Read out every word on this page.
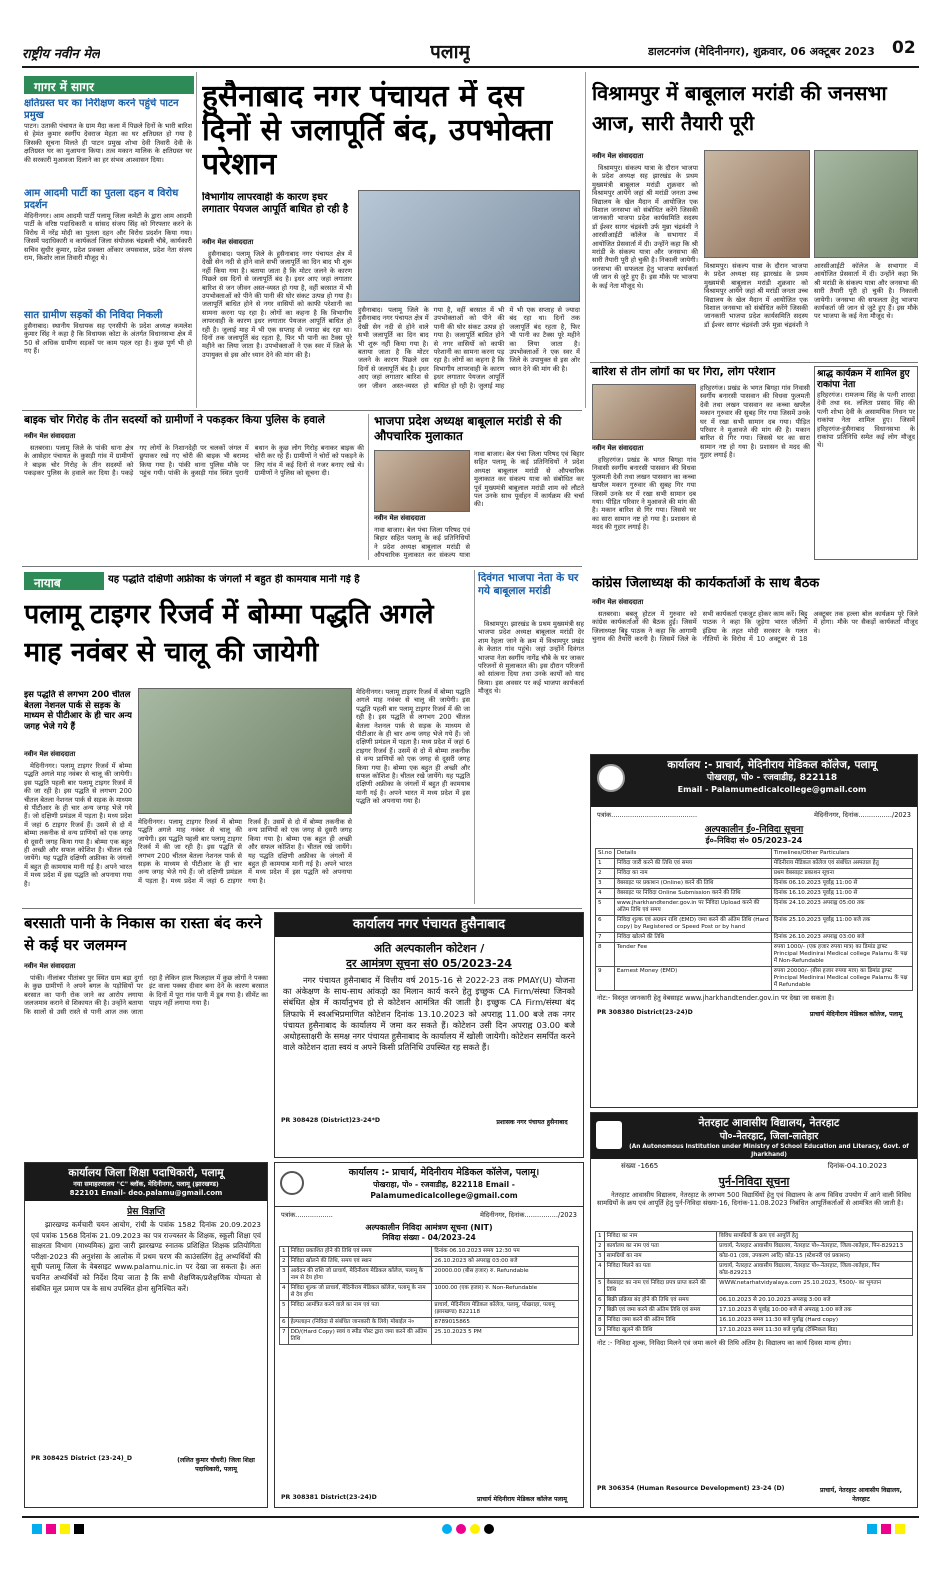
राष्ट्रीय नवीन मेल	पलामू	डालटनगंज (मेदिनीनगर), शुक्रवार, 06 अक्टूबर 2023 02
गागर में सागर
क्षतिग्रस्त घर का निरीक्षण करने पहुंचे पाटन प्रमुख
पाटन। उताकी पंचायत के ग्राम मैदा कला में पिछले दिनों के भारी बारिश से हेमंत कुमार स्वर्गीय देवराज मेहता का घर क्षतिग्रस्त हो गया है जिसकी सूचना मिलते ही पाटन प्रमुख शोभा देवी तिवारी देवी के क्षतिग्रस्त घर का मुआयना किया। तत्व मकान मालिक के क्षतिग्रस्त घर की सरकारी मुआवजा दिलाने का हर संभव आश्वासन दिया।
आम आदमी पार्टी का पुतला दहन व विरोध प्रदर्शन
मेदिनीनगर। आम आदमी पार्टी पलामू जिला कमेटी के द्वारा आम आदमी पार्टी के वरिष्ठ पदाधिकारी व सांसद संजय सिंह को गिरफ्तार करने के विरोध में नरेंद्र मोदी का पुतला दहन और विरोध प्रदर्शन किया गया। जिसमें पदाधिकारी व कार्यकर्ता जिला संयोजक चंद्रबली चौबे, कार्यकारी सचिव सुधीर कुमार, प्रदेश प्रवक्ता ओंकार जयसवाल, प्रदेश नेता संजय राम, किशोर लाल तिवारी मौजूद थे।
सात ग्रामीण सड़कों की निविदा निकली
हुसैनाबाद। स्थानीय विधायक सह एनसीपी के प्रदेश अध्यक्ष कमलेश कुमार सिंह ने कहा है कि विधायक कोटा के अंतर्गत विधानसभा क्षेत्र में 50 से अधिक ग्रामीण सड़कों पर काम पहल रहा है। कुछ पूर्ण भी हो गए हैं।
हुसैनाबाद नगर पंचायत में दस दिनों से जलापूर्ति बंद, उपभोक्ता परेशान
विभागीय लापरवाही के कारण इधर लगातार पेयजल आपूर्ति बाधित हो रही है
नवीन मेल संवाददाता
हुसैनाबाद। पलामू जिले के हुसैनाबाद नगर पंचायत क्षेत्र में देखी सेन नदी से होने वाले सभी जलापूर्ति का दिन बाद भी शुरू नहीं किया गया है। बताया जाता है कि मोटर जलने के कारण पिछले दस दिनों से जलापूर्ति बंद है। इधर आए जहां लगातार बारिश से जन जीवन अस्त-व्यस्त हो गया है, वहीं बरसात में भी उपभोक्ताओं को पीने की पानी की घोर संकट उत्पन्न हो गया है। जलापूर्ति बाधित होने से नगर वासियों को काफी परेशानी का सामना करना पड़ रहा है। लोगों का कहना है कि विभागीय लापरवाही के कारण इधर लगातार पेयजल आपूर्ति बाधित हो रही है। जुलाई माह में भी एक सप्ताह से ज्यादा बंद रहा था। दिनों तक जलापूर्ति बंद रहता है, फिर भी पानी का टैक्स पूरे महीने का लिया जाता है। उपभोक्ताओं ने एक स्वर में जिले के उपायुक्त से इस ओर ध्यान देने की मांग की है।
हुसैनाबाद। पलामू जिले के हुसैनाबाद नगर पंचायत क्षेत्र में देखी सेन नदी से होने वाले सभी जलापूर्ति का दिन बाद भी शुरू नहीं किया गया है। बताया जाता है कि मोटर जलने के कारण पिछले दस दिनों से जलापूर्ति बंद है। इधर आए जहां लगातार बारिश से जन जीवन अस्त-व्यस्त हो गया है, वहीं बरसात में भी उपभोक्ताओं को पीने की पानी की घोर संकट उत्पन्न हो गया है। जलापूर्ति बाधित होने से नगर वासियों को काफी परेशानी का सामना करना पड़ रहा है। लोगों का कहना है कि विभागीय लापरवाही के कारण इधर लगातार पेयजल आपूर्ति बाधित हो रही है। जुलाई माह में भी एक सप्ताह से ज्यादा बंद रहा था। दिनों तक जलापूर्ति बंद रहता है, फिर भी पानी का टैक्स पूरे महीने का लिया जाता है। उपभोक्ताओं ने एक स्वर में जिले के उपायुक्त से इस ओर ध्यान देने की मांग की है।
विश्रामपुर में बाबूलाल मरांडी की जनसभा आज, सारी तैयारी पूरी
नवीन मेल संवाददाता
विश्रामपुर। संकल्प यात्रा के दौरान भाजपा के प्रदेश अध्यक्ष सह झारखंड के प्रथम मुख्यमंत्री बाबूलाल मरांडी शुक्रवार को विश्रामपुर आयेंगे जहां श्री मरांडी जनता उच्च विद्यालय के खेल मैदान में आयोजित एक विशाल जनसभा को संबोधित करेंगे जिसकी जानकारी भाजपा प्रदेश कार्यसमिति सदस्य डॉ ईश्वर सागर चंद्रवंशी उर्फ मुन्ना चंद्रवंशी ने आरसीआईटी कॉलेज के सभागार में आयोजित प्रेसवार्ता में दी। उन्होंने कहा कि श्री मरांडी के संकल्प यात्रा और जनसभा की सारी तैयारी पूरी हो चुकी है। निकाली जायेगी। जनसभा की सफलता हेतु भाजपा कार्यकर्ता जी जान से जुटे हुए हैं। इस मौके पर भाजपा के कई नेता मौजूद थे।
विश्रामपुर। संकल्प यात्रा के दौरान भाजपा के प्रदेश अध्यक्ष सह झारखंड के प्रथम मुख्यमंत्री बाबूलाल मरांडी शुक्रवार को विश्रामपुर आयेंगे जहां श्री मरांडी जनता उच्च विद्यालय के खेल मैदान में आयोजित एक विशाल जनसभा को संबोधित करेंगे जिसकी जानकारी भाजपा प्रदेश कार्यसमिति सदस्य डॉ ईश्वर सागर चंद्रवंशी उर्फ मुन्ना चंद्रवंशी ने आरसीआईटी कॉलेज के सभागार में आयोजित प्रेसवार्ता में दी। उन्होंने कहा कि श्री मरांडी के संकल्प यात्रा और जनसभा की सारी तैयारी पूरी हो चुकी है। निकाली जायेगी। जनसभा की सफलता हेतु भाजपा कार्यकर्ता जी जान से जुटे हुए हैं। इस मौके पर भाजपा के कई नेता मौजूद थे।
बारिश से तीन लोगों का घर गिरा, लोग परेशान
नवीन मेल संवाददाता
हरिहरगंज। प्रखंड के भगत बिगहा गांव निवासी स्वर्गीय बनारसी पासवान की विधवा फुलमती देवी तथा लखन पासवान का कच्चा खपरैल मकान गुरुवार की सुबह गिर गया जिसमें उनके घर में रखा सभी सामान दब गया। पीड़ित परिवार ने मुआवजे की मांग की है। मकान बारिश से गिर गया। जिससे घर का सारा सामान नष्ट हो गया है। प्रशासन से मदद की गुहार लगाई है।
हरिहरगंज। प्रखंड के भगत बिगहा गांव निवासी स्वर्गीय बनारसी पासवान की विधवा फुलमती देवी तथा लखन पासवान का कच्चा खपरैल मकान गुरुवार की सुबह गिर गया जिसमें उनके घर में रखा सभी सामान दब गया। पीड़ित परिवार ने मुआवजे की मांग की है। मकान बारिश से गिर गया। जिससे घर का सारा सामान नष्ट हो गया है। प्रशासन से मदद की गुहार लगाई है।
श्राद्ध कार्यक्रम में शामिल हुए राकांपा नेता
हरिहरगंज। रामजन्म सिंह के पत्नी शारदा देवी तथा स्व. ललिता प्रसाद सिंह की पत्नी शोभा देवी के असामयिक निधन पर राकांपा नेता शामिल हुए। जिसमें हरिहरगंज-हुसैनाबाद विधानसभा के राकांपा प्रतिनिधि समेत कई लोग मौजूद थे।
बाइक चोर गिरोह के तीन सदस्यों को ग्रामीणों ने पकड़कर किया पुलिस के हवाले
नवीन मेल संवाददाता
सतबरवा। पलामू जिले के पांकी थाना क्षेत्र के आसेहार पंचायत के कुसड़ी गांव में ग्रामीणों ने बाइक चोर गिरोह के तीन सदस्यों को पकड़कर पुलिस के हवाले कर दिया है। पकड़े गए लोगों के निशानदेही पर चलकों जंगल में छुपाकर रखे गए चोरी की बाइक भी बरामद किया गया है। पांकी थाना पुलिस मौके पर पहुंच गयी। पांकी के कुसड़ी गांव स्थित पुरानी बथान के कुछ लोग गिरोह बनाकर बाइक की चोरी कर रहे हैं। ग्रामीणों ने चोरों को पकड़ने के लिए गांव में कई दिनों से नजर बनाए रखे थे। ग्रामीणों ने पुलिस को सूचना दी।
भाजपा प्रदेश अध्यक्ष बाबूलाल मरांडी से की औपचारिक मुलाकात
नवीन मेल संवाददाता
नावा बाजार। बेल पंचा जिला परिषद एवं बिहार सहित पलामू के कई प्रतिनिधियों ने प्रदेश अध्यक्ष बाबूलाल मरांडी से औपचारिक मुलाकात कर संकल्प यात्रा
नावा बाजार। बेल पंचा जिला परिषद एवं बिहार सहित पलामू के कई प्रतिनिधियों ने प्रदेश अध्यक्ष बाबूलाल मरांडी से औपचारिक मुलाकात कर संकल्प यात्रा को संबोधित कर पूर्व मुख्यमंत्री बाबूलाल मरांडी शाम को लौटते पल उनके साथ पूर्वाहन में कार्यक्रम की चर्चा की।
नायाब	यह पद्धति दक्षिणी अफ्रीका के जंगलों में बहुत ही कामयाब मानी गई है
पलामू टाइगर रिजर्व में बोम्मा पद्धति अगले माह नवंबर से चालू की जायेगी
इस पद्धति से लगभग 200 चीतल बेतला नेशनल पार्क से सड़क के माध्यम से पीटीआर के ही चार अन्य जगह भेजे गये हैं
नवीन मेल संवाददाता
मेदिनीनगर। पलामू टाइगर रिजर्व में बोम्मा पद्धति अगले माह नवंबर से चालू की जायेगी। इस पद्धति पहली बार पलामू टाइगर रिजर्व में की जा रही है। इस पद्धति से लगभग 200 चीतल बेतला नेशनल पार्क से सड़क के माध्यम से पीटीआर के ही चार अन्य जगह भेजे गये हैं। जो दक्षिणी प्रमंडल में पड़ता है। मध्य प्रदेश में जहां 6 टाइगर रिजर्व हैं। उसमें से दो में बोम्मा तकनीक से वन्य प्राणियों को एक जगह से दूसरी जगह किया गया है। बोम्मा एक बहुत ही अच्छी और सफल कोशिश है। चीतल रखे जायेंगे। यह पद्धति दक्षिणी अफ्रीका के जंगलों में बहुत ही कामयाब मानी गई है। अपने भारत में मध्य प्रदेश में इस पद्धति को अपनाया गया है।
मेदिनीनगर। पलामू टाइगर रिजर्व में बोम्मा पद्धति अगले माह नवंबर से चालू की जायेगी। इस पद्धति पहली बार पलामू टाइगर रिजर्व में की जा रही है। इस पद्धति से लगभग 200 चीतल बेतला नेशनल पार्क से सड़क के माध्यम से पीटीआर के ही चार अन्य जगह भेजे गये हैं। जो दक्षिणी प्रमंडल में पड़ता है। मध्य प्रदेश में जहां 6 टाइगर रिजर्व हैं। उसमें से दो में बोम्मा तकनीक से वन्य प्राणियों को एक जगह से दूसरी जगह किया गया है। बोम्मा एक बहुत ही अच्छी और सफल कोशिश है। चीतल रखे जायेंगे। यह पद्धति दक्षिणी अफ्रीका के जंगलों में बहुत ही कामयाब मानी गई है। अपने भारत में मध्य प्रदेश में इस पद्धति को अपनाया गया है।
मेदिनीनगर। पलामू टाइगर रिजर्व में बोम्मा पद्धति अगले माह नवंबर से चालू की जायेगी। इस पद्धति पहली बार पलामू टाइगर रिजर्व में की जा रही है। इस पद्धति से लगभग 200 चीतल बेतला नेशनल पार्क से सड़क के माध्यम से पीटीआर के ही चार अन्य जगह भेजे गये हैं। जो दक्षिणी प्रमंडल में पड़ता है। मध्य प्रदेश में जहां 6 टाइगर रिजर्व हैं। उसमें से दो में बोम्मा तकनीक से वन्य प्राणियों को एक जगह से दूसरी जगह किया गया है। बोम्मा एक बहुत ही अच्छी और सफल कोशिश है। चीतल रखे जायेंगे। यह पद्धति दक्षिणी अफ्रीका के जंगलों में बहुत ही कामयाब मानी गई है। अपने भारत में मध्य प्रदेश में इस पद्धति को अपनाया गया है।
दिवंगत भाजपा नेता के घर गये बाबूलाल मरांडी
विश्रामपुर। झारखंड के प्रथम मुख्यमंत्री सह भाजपा प्रदेश अध्यक्ष बाबूलाल मरांडी देर शाम रेहला जाने के क्रम में विश्रामपुर प्रखंड के केतात गांव पहुंचे। जहां उन्होंने दिवंगत भाजपा नेता स्वर्गीय नागेंद्र चौबे के घर जाकर परिजनों से मुलाकात की। इस दौरान परिजनों को सांत्वना दिया तथा उनके कार्यों को याद किया। इस अवसर पर कई भाजपा कार्यकर्ता मौजूद थे।
कांग्रेस जिलाध्यक्ष की कार्यकर्ताओं के साथ बैठक
नवीन मेल संवाददाता
सतबरवा। बबलू होटल में गुरुवार को कांग्रेस कार्यकर्ताओं की बैठक हुई। जिसमें जिलाध्यक्ष बिट्टू पाठक ने कहा कि आगामी चुनाव की तैयारी करनी है। जिसमें जिले के सभी कार्यकर्ता एकजुट होकर काम करें। बिट्टू पाठक ने कहा कि जुड़ेगा भारत जीतेगा इंडिया के तहत मोदी सरकार के गलत नीतियों के विरोध में 10 अक्टूबर से 18 अक्टूबर तक हल्ला बोल कार्यक्रम पूरे जिले में होगा। मौके पर सैकड़ों कार्यकर्ता मौजूद थे।
कार्यालय :- प्राचार्य, मेदिनीराय मेडिकल कॉलेज, पलामू
पोखराहा, पो० - रजवाडीह, 822118
Email - Palamumedicalcollege@gmail.com
पत्रांक.........................................	मेदिनीनगर, दिनांक................/2023
अल्पकालीन ई०-निविदा सूचना
ई०-निविदा सं० 05/2023-24
Sl.no	Details	Timelines/Other Particulars
1	निविदा जारी करने की तिथि एवं समय	मेदिनीराय मेडिकल कॉलेज एवं संबंधित अस्पताल हेतु
2	निविदा का नाम	प्रथम वेबसाइट प्रकाशन सूचना
3	वेबसाइट पर प्रकाशन (Online) करने की तिथि	दिनांक 06.10.2023 पूर्वाह्न 11:00 से
4	वेबसाइट पर निविदा Online Submission करने की तिथि	दिनांक 16.10.2023 पूर्वाह्न 11:00 से
5	www.jharkhandtender.gov.in पर निविदा Upload करने की अंतिम तिथि एवं समय	दिनांक 24.10.2023 अपराह्न 05:00 तक
6	निविदा शुल्क एवं अग्रधन राशि (EMD) जमा करने की अंतिम तिथि (Hard copy) by Registered or Speed Post or by hand	दिनांक 25.10.2023 पूर्वाह्न 11:00 बजे तक
7	निविदा खोलने की तिथि	दिनांक 26.10.2023 अपराह्न 03:00 बजे
8	Tender Fee	रुपया 1000/- (एक हजार रुपया मात्र) का डिमांड ड्राफ्ट Principal Medinirai Medical college Palamu के पक्ष में Non-Refundable
9	Earnest Money (EMD)	रुपया 20000/- (बीस हजार रुपया मात्र) का डिमांड ड्राफ्ट Principal Medinirai Medical college Palamu के पक्ष में Refundable
नोट:- विस्तृत जानकारी हेतु वेबसाइट www.jharkhandtender.gov.in पर देखा जा सकता है।
PR 308380 District(23-24)D	प्राचार्य मेदिनीराय मेडिकल कॉलेज, पलामू
बरसाती पानी के निकास का रास्ता बंद करने से कई घर जलमग्न
नवीन मेल संवाददाता
पांकी। नीलांबर पीतांबर पुर स्थित ग्राम बड़ा दुर्गा के कुछ ग्रामीणों ने अपने बगल के पड़ोसियों पर बरसात का पानी रोक जाने का आरोप लगाया जलजमाव कराने से शिकायत की है। उन्होंने बताया कि सालों से उसी रास्ते से पानी आज तक जाता रहा है लेकिन हाल फिलहाल में कुछ लोगों ने पक्का इंट वाला पक्का दीवार बना देने के कारण बरसात के दिनों में पूरा गांव पानी में डूब गया है। सीमेंट का पाइप नहीं लगाया गया है।
कार्यालय नगर पंचायत हुसैनाबाद
अति अल्पकालीन कोटेशन /
दर आमंत्रण सूचना सं0 05/2023-24
नगर पंचायत हुसैनाबाद में वित्तीय वर्ष 2015-16 से 2022-23 तक PMAY(U) योजना का अंकेक्षण के साथ-साथ आंकड़ो का मिलान कार्य करने हेतु इच्छुक CA Firm/संस्था जिनको संबंधित क्षेत्र में कार्यानुभव हो से कोटेशन आमंत्रित की जाती है। इच्छुक CA Firm/संस्था बंद लिफाफे में स्वअभिप्रमाणित कोटेशन दिनांक 13.10.2023 को अपराह्न 11.00 बजे तक नगर पंचायत हुसैनाबाद के कार्यालय में जमा कर सकते हैं। कोटेशन उसी दिन अपराह्न 03.00 बजे अधोहस्ताक्षरी के समक्ष नगर पंचायत हुसैनाबाद के कार्यालय में खोली जायेगी। कोटेशन समर्पित करने वाले कोटेशन दाता स्वयं व अपने किसी प्रतिनिधि उपस्थित रह सकते हैं।
PR 308428 (District)23-24*D	प्रशासक नगर पंचायत हुसैनाबाद
कार्यालय जिला शिक्षा पदाधिकारी, पलामू
नया समाहरणालय "C" ब्लॉक, मेदिनीनगर, पलामू (झारखण्ड)
822101 Email- deo.palamu@gmail.com
प्रेस विज्ञप्ति
झारखण्ड कर्मचारी चयन आयोग, रांची के पत्रांक 1582 दिनांक 20.09.2023 एवं पत्रांक 1568 दिनांक 21.09.2023 का पत्र राज्यस्तर के शिक्षक, स्कूली शिक्षा एवं साक्षरता विभाग (माध्यमिक) द्वारा जारी झारखण्ड स्नातक प्रशिक्षित शिक्षक प्रतियोगिता परीक्षा-2023 की अनुशंसा के आलोक में प्रथम चरण की काउंसलिंग हेतु अभ्यर्थियों की सूची पलामू जिला के वेबसाइट www.palamu.nic.in पर देखा जा सकता है। अतः चयनित अभ्यर्थियों को निर्देश दिया जाता है कि सभी शैक्षणिक/प्रशैक्षणिक योग्यता से संबंधित मूल प्रमाण पत्र के साथ उपस्थित होना सुनिश्चित करें।
PR 308425 District (23-24)_D	(ललित कुमार चौधरी) जिला शिक्षा पदाधिकारी, पलामू
कार्यालय :- प्राचार्य, मेदिनीराय मेडिकल कॉलेज, पलामू।
पोखराहा, पो० - रजवाडीह, 822118 Email - Palamumedicalcollege@gmail.com
पत्रांक..................	मेदिनीनगर, दिनांक................/2023
अल्पकालीन निविदा आमंत्रण सूचना (NIT)
निविदा संख्या - 04/2023-24
1	निविदा प्रकाशित होने की तिथि एवं समय	दिनांक 06.10.2023 समय 12:30 पम
2	निविदा खोलने की तिथि, समय एवं स्थान	26.10.2023 को अपराह्न 03:00 बजे
3	आवेदन की राशि जो प्राचार्य, मेदिनीराय मेडिकल कॉलेज, पलामू के नाम से देय होगा	20000.00 (बीस हजार) रु. Refundable
4	निविदा शुल्क जो प्राचार्य, मेदिनीराय मेडिकल कॉलेज, पलामू के नाम से देय होगा	1000.00 (एक हजार) रु. Non-Refundable
5	निविदा आमंत्रित करने वाले का नाम एवं पता	प्राचार्य, मेदिनीराय मेडिकल कॉलेज, पलामू, पोखराहा, पलामू (झारखण्ड) 822118
6	हेल्पलाइन (निविदा से संबंधित जानकारी के लिये) मोबाईल नं०	8789015865
7	DD/(Hard Copy) स्वयं व स्पीड पोस्ट द्वारा जमा करने की अंतिम तिथि	25.10.2023 5 PM
PR 308381 District(23-24)D	प्राचार्य मेदिनीराय मेडिकल कॉलेज पलामू
नेतरहाट आवासीय विद्यालय, नेतरहाट
पो०-नेतरहाट, जिला-लातेहार
(An Autonomous Institution under Ministry of School Education and Literacy, Govt. of Jharkhand)
संख्या -1665	दिनांक-04.10.2023
पुर्न-निविदा सूचना
नेतरहाट आवासीय विद्यालय, नेतरहाट के लगभग 500 विद्यार्थियों हेतु एवं विद्यालय के अन्य विविध उपयोग में आने वाली विविध सामग्रियों के क्रय एवं आपूर्ति हेतु पुर्न-निविदा संख्या-16, दिनांक-11.08.2023 निबंधित आपूर्तिकर्ताओं से आमंत्रित की जाती है।
1	निविदा का नाम	विविध सामग्रियों के क्रय एवं आपूर्ति हेतु
2	कार्यालय का नाम एवं पता	प्राचार्य, नेतरहाट आवासीय विद्यालय, नेतरहाट पो०-नेतरहाट, जिला-लातेहार, पिन-829213
3	सामग्रियों का नाम	कोड-01 (दवा, उपकरण आदि) कोड-15 (स्टेशनरी एवं प्रकाशन)
4	निविदा मिलने का पता	प्राचार्य, नेतरहाट आवासीय विद्यालय, नेतरहाट पो०-नेतरहाट, जिला-लातेहार, पिन कोड-829213
5	वेबसाइट का नाम एवं निविदा प्रपत्र प्राप्त करने की तिथि	WWW.netarhatvidyalaya.com 25.10.2023, ₹500/- का भुगतान
6	बिक्री प्रक्रिया बंद होने की तिथि एवं समय	06.10.2023 से 20.10.2023 अपराह्न 3:00 बजे
7	बिक्री एवं जमा करने की अंतिम तिथि एवं समय	17.10.2023 से पूर्वाह्न 10:00 बजे से अपराह्न 1:00 बजे तक
8	निविदा जमा करने की अंतिम तिथि	16.10.2023 समय 11:30 बजे पूर्वाह्न (Hard copy)
9	निविदा खुलने की तिथि	17.10.2023 समय 11:30 बजे पूर्वाह्न (टेक्निकल बिड)
नोट :- निविदा शुल्क, निविदा मिलने एवं जमा करने की तिथि अंतिम है। विद्यालय का कार्य दिवस मान्य होगा।
PR 306354 (Human Resource Development) 23-24 (D)	प्राचार्य, नेतरहाट आवासीय विद्यालय, नेतरहाट
